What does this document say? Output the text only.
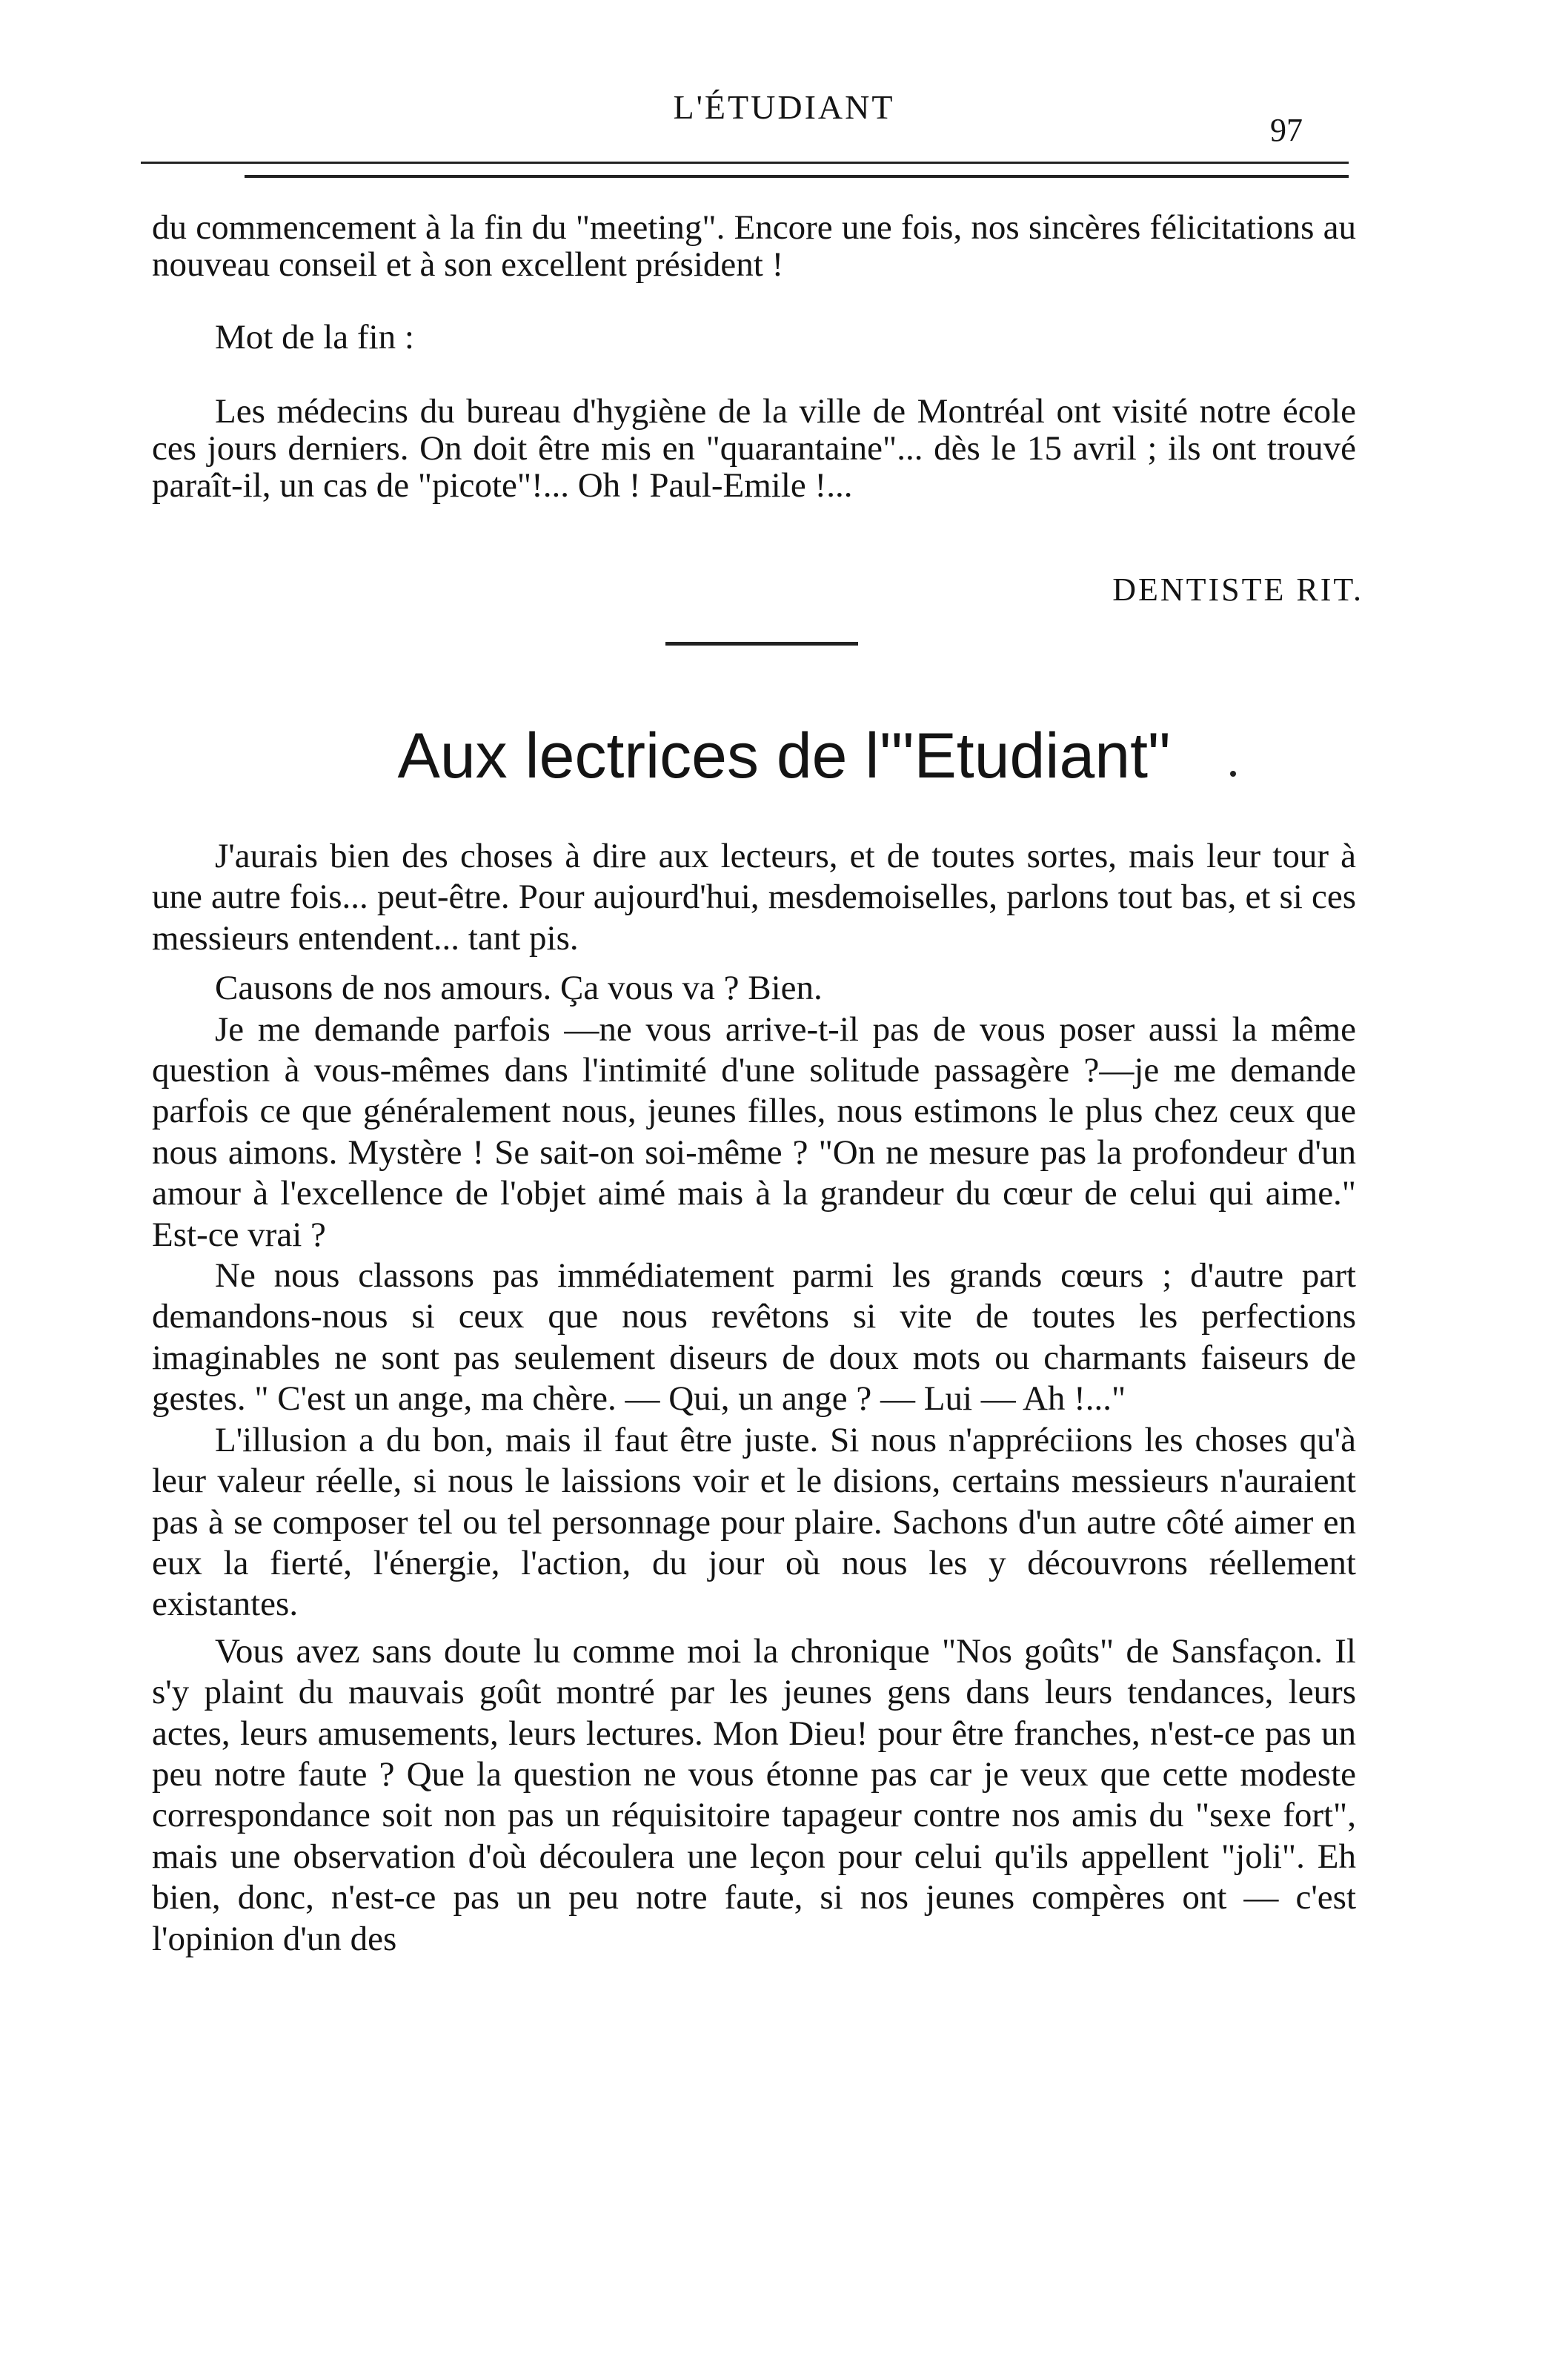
L'ÉTUDIANT
97

du commencement à la fin du "meeting". Encore une fois, nos sincères félicitations au nouveau conseil et à son excellent président !

Mot de la fin :

Les médecins du bureau d'hygiène de la ville de Montréal ont visité notre école ces jours derniers. On doit être mis en "quarantaine"... dès le 15 avril ; ils ont trouvé paraît-il, un cas de "picote"!... Oh ! Paul-Emile !...

DENTISTE RIT.
Aux lectrices de l'"Etudiant"

J'aurais bien des choses à dire aux lecteurs, et de toutes sortes, mais leur tour à une autre fois... peut-être. Pour aujourd'hui, mesdemoiselles, parlons tout bas, et si ces messieurs entendent... tant pis.

Causons de nos amours. Ça vous va ? Bien.

Je me demande parfois —ne vous arrive-t-il pas de vous poser aussi la même question à vous-mêmes dans l'intimité d'une solitude passagère ?—je me demande parfois ce que généralement nous, jeunes filles, nous estimons le plus chez ceux que nous aimons. Mystère ! Se sait-on soi-même ? "On ne mesure pas la profondeur d'un amour à l'excellence de l'objet aimé mais à la grandeur du cœur de celui qui aime." Est-ce vrai ?

Ne nous classons pas immédiatement parmi les grands cœurs ; d'autre part demandons-nous si ceux que nous revêtons si vite de toutes les perfections imaginables ne sont pas seulement diseurs de doux mots ou charmants faiseurs de gestes. " C'est un ange, ma chère. — Qui, un ange ? — Lui — Ah !..."

L'illusion a du bon, mais il faut être juste. Si nous n'appréciions les choses qu'à leur valeur réelle, si nous le laissions voir et le disions, certains messieurs n'auraient pas à se composer tel ou tel personnage pour plaire. Sachons d'un autre côté aimer en eux la fierté, l'énergie, l'action, du jour où nous les y découvrons réellement existantes.

Vous avez sans doute lu comme moi la chronique "Nos goûts" de Sansfaçon. Il s'y plaint du mauvais goût montré par les jeunes gens dans leurs tendances, leurs actes, leurs amusements, leurs lectures. Mon Dieu! pour être franches, n'est-ce pas un peu notre faute ? Que la question ne vous étonne pas car je veux que cette modeste correspondance soit non pas un réquisitoire tapageur contre nos amis du "sexe fort", mais une observation d'où découlera une leçon pour celui qu'ils appellent "joli". Eh bien, donc, n'est-ce pas un peu notre faute, si nos jeunes compères ont — c'est l'opinion d'un des
